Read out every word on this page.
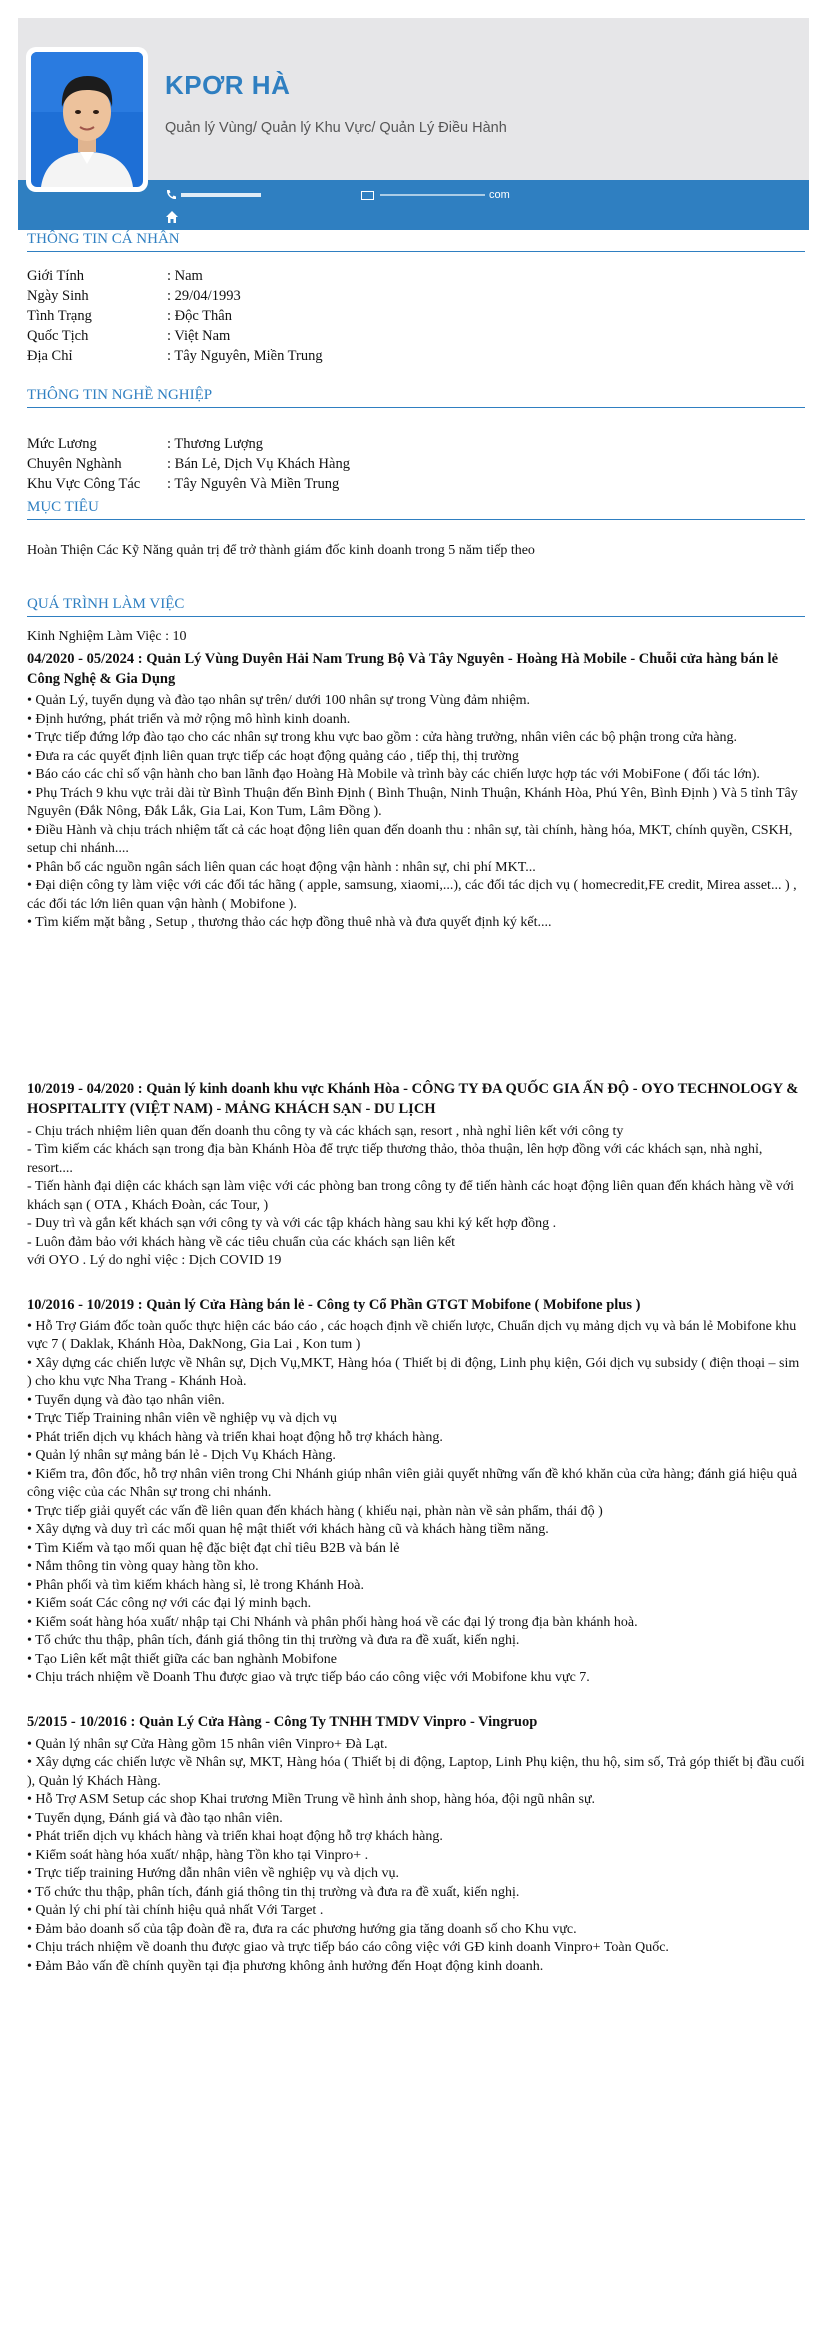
KPƠR HÀ
Quản lý Vùng/ Quản lý Khu Vực/ Quản Lý Điều Hành
com
THÔNG TIN CÁ NHÂN
Giới Tính	: Nam
Ngày Sinh	: 29/04/1993
Tình Trạng	: Độc Thân
Quốc Tịch	: Việt Nam
Địa Chỉ	: Tây Nguyên, Miền Trung
THÔNG TIN NGHỀ NGHIỆP
Mức Lương	: Thương Lượng
Chuyên Nghành	: Bán Lẻ, Dịch Vụ Khách Hàng
Khu Vực Công Tác	: Tây Nguyên Và Miền Trung
MỤC TIÊU
Hoàn Thiện Các Kỹ Năng quản trị để trở thành giám đốc kinh doanh trong 5 năm tiếp theo
QUÁ TRÌNH LÀM VIỆC
Kinh Nghiệm Làm Việc : 10
04/2020 - 05/2024 : Quản Lý Vùng Duyên Hải Nam Trung Bộ Và Tây Nguyên - Hoàng Hà Mobile - Chuỗi cửa hàng bán lẻ Công Nghệ & Gia Dụng
• Quản Lý, tuyển dụng và đào tạo nhân sự trên/ dưới 100 nhân sự trong Vùng đảm nhiệm.
• Định hướng, phát triển và mở rộng mô hình kinh doanh.
• Trực tiếp đứng lớp đào tạo cho các nhân sự trong khu vực bao gồm : cửa hàng trưởng, nhân viên các bộ phận trong cửa hàng.
• Đưa ra các quyết định liên quan trực tiếp các hoạt động quảng cáo , tiếp thị, thị trường
• Báo cáo các chỉ số vận hành cho ban lãnh đạo Hoàng Hà Mobile và trình bày các chiến lược hợp tác với MobiFone ( đối tác lớn).
• Phụ Trách 9 khu vực trải dài từ Bình Thuận đến Bình Định ( Bình Thuận, Ninh Thuận, Khánh Hòa, Phú Yên, Bình Định ) Và 5 tỉnh Tây Nguyên (Đắk Nông, Đắk Lắk, Gia Lai, Kon Tum, Lâm Đồng ).
• Điều Hành và chịu trách nhiệm tất cả các hoạt động liên quan đến doanh thu : nhân sự, tài chính, hàng hóa, MKT, chính quyền, CSKH, setup chi nhánh....
• Phân bổ các nguồn ngân sách liên quan các hoạt động vận hành : nhân sự, chi phí MKT...
• Đại diện công ty làm việc với các đối tác hãng ( apple, samsung, xiaomi,...), các đối tác dịch vụ ( homecredit,FE credit, Mirea asset... ) , các đối tác lớn liên quan vận hành ( Mobifone ).
• Tìm kiếm mặt bằng , Setup , thương thảo các hợp đồng thuê nhà và đưa quyết định ký kết....
10/2019 - 04/2020 : Quản lý kinh doanh khu vực Khánh Hòa - CÔNG TY ĐA QUỐC GIA ẤN ĐỘ - OYO TECHNOLOGY & HOSPITALITY (VIỆT NAM) - MẢNG KHÁCH SẠN - DU LỊCH
- Chịu trách nhiệm liên quan đến doanh thu công ty và các khách sạn, resort , nhà nghỉ liên kết với công ty
- Tìm kiếm các khách sạn trong địa bàn Khánh Hòa để trực tiếp thương thảo, thỏa thuận, lên hợp đồng với các khách sạn, nhà nghỉ, resort....
- Tiến hành đại diện các khách sạn làm việc với các phòng ban trong công ty để tiến hành các hoạt động liên quan đến khách hàng về với khách sạn ( OTA , Khách Đoàn, các Tour, )
- Duy trì và gắn kết khách sạn với công ty và với các tập khách hàng sau khi ký kết hợp đồng .
- Luôn đảm bảo với khách hàng về các tiêu chuẩn của các khách sạn liên kết
với OYO . Lý do nghỉ việc : Dịch COVID 19
10/2016 - 10/2019 : Quản lý Cửa Hàng bán lẻ - Công ty Cổ Phần GTGT Mobifone ( Mobifone plus )
• Hỗ Trợ Giám đốc toàn quốc thực hiện các báo cáo , các hoạch định về chiến lược, Chuẩn dịch vụ mảng dịch vụ và bán lẻ Mobifone khu vực 7 ( Daklak, Khánh Hòa, DakNong, Gia Lai , Kon tum )
• Xây dựng các chiến lược về Nhân sự, Dịch Vụ,MKT, Hàng hóa ( Thiết bị di động, Linh phụ kiện, Gói dịch vụ subsidy ( điện thoại – sim ) cho khu vực Nha Trang - Khánh Hoà.
• Tuyển dụng và đào tạo nhân viên.
• Trực Tiếp Training nhân viên về nghiệp vụ và dịch vụ
• Phát triển dịch vụ khách hàng và triển khai hoạt động hỗ trợ khách hàng.
• Quản lý nhân sự mảng bán lẻ - Dịch Vụ Khách Hàng.
• Kiểm tra, đôn đốc, hỗ trợ nhân viên trong Chi Nhánh giúp nhân viên giải quyết những vấn đề khó khăn của cửa hàng; đánh giá hiệu quả công việc của các Nhân sự trong chi nhánh.
• Trực tiếp giải quyết các vấn đề liên quan đến khách hàng ( khiếu nại, phàn nàn về sản phẩm, thái độ )
• Xây dựng và duy trì các mối quan hệ mật thiết với khách hàng cũ và khách hàng tiềm năng.
• Tìm Kiếm và tạo mối quan hệ đặc biệt đạt chỉ tiêu B2B và bán lẻ
• Nắm thông tin vòng quay hàng tồn kho.
• Phân phối và tìm kiếm khách hàng sỉ, lẻ trong Khánh Hoà.
• Kiểm soát Các công nợ với các đại lý minh bạch.
• Kiểm soát hàng hóa xuất/ nhập tại Chi Nhánh và phân phối hàng hoá về các đại lý trong địa bàn khánh hoà.
• Tổ chức thu thập, phân tích, đánh giá thông tin thị trường và đưa ra đề xuất, kiến nghị.
• Tạo Liên kết mật thiết giữa các ban nghành Mobifone
• Chịu trách nhiệm về Doanh Thu được giao và trực tiếp báo cáo công việc với Mobifone khu vực 7.
5/2015 - 10/2016 : Quản Lý Cửa Hàng - Công Ty TNHH TMDV Vinpro - Vingruop
• Quản lý nhân sự Cửa Hàng gồm 15 nhân viên Vinpro+ Đà Lạt.
• Xây dựng các chiến lược về Nhân sự, MKT, Hàng hóa ( Thiết bị di động, Laptop, Linh Phụ kiện, thu hộ, sim số, Trả góp thiết bị đầu cuối ), Quản lý Khách Hàng.
• Hỗ Trợ ASM Setup các shop Khai trương Miền Trung về hình ảnh shop, hàng hóa, đội ngũ nhân sự.
• Tuyển dụng, Đánh giá và đào tạo nhân viên.
• Phát triển dịch vụ khách hàng và triển khai hoạt động hỗ trợ khách hàng.
• Kiểm soát hàng hóa xuất/ nhập, hàng Tồn kho tại Vinpro+ .
• Trực tiếp training Hướng dẫn nhân viên về nghiệp vụ và dịch vụ.
• Tổ chức thu thập, phân tích, đánh giá thông tin thị trường và đưa ra đề xuất, kiến nghị.
• Quản lý chi phí tài chính hiệu quả nhất Với Target .
• Đảm bảo doanh số của tập đoàn đề ra, đưa ra các phương hướng gia tăng doanh số cho Khu vực.
• Chịu trách nhiệm về doanh thu được giao và trực tiếp báo cáo công việc với GĐ kinh doanh Vinpro+ Toàn Quốc.
• Đảm Bảo vấn đề chính quyền tại địa phương không ảnh hưởng đến Hoạt động kinh doanh.
